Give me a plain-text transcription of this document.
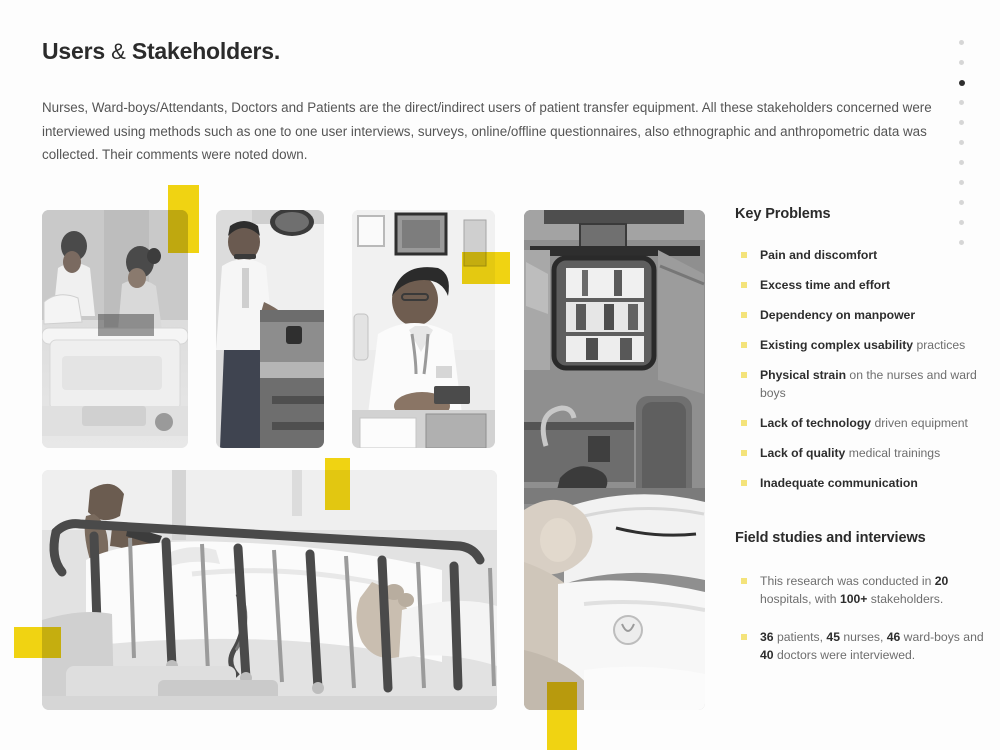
Users & Stakeholders.
Nurses, Ward-boys/Attendants, Doctors and Patients are the direct/indirect users of patient transfer equipment. All these stakeholders concerned were interviewed using methods such as one to one user interviews, surveys, online/offline questionnaires, also ethnographic and anthropometric data was collected. Their comments were noted down.
Key Problems
Pain and discomfort
Excess time and effort
Dependency on manpower
Existing complex usability practices
Physical strain on the nurses and ward boys
Lack of technology driven equipment
Lack of quality medical trainings
Inadequate communication
Field studies and interviews
This research was conducted in 20 hospitals, with 100+ stakeholders.
36 patients, 45 nurses, 46 ward-boys and 40 doctors were interviewed.
